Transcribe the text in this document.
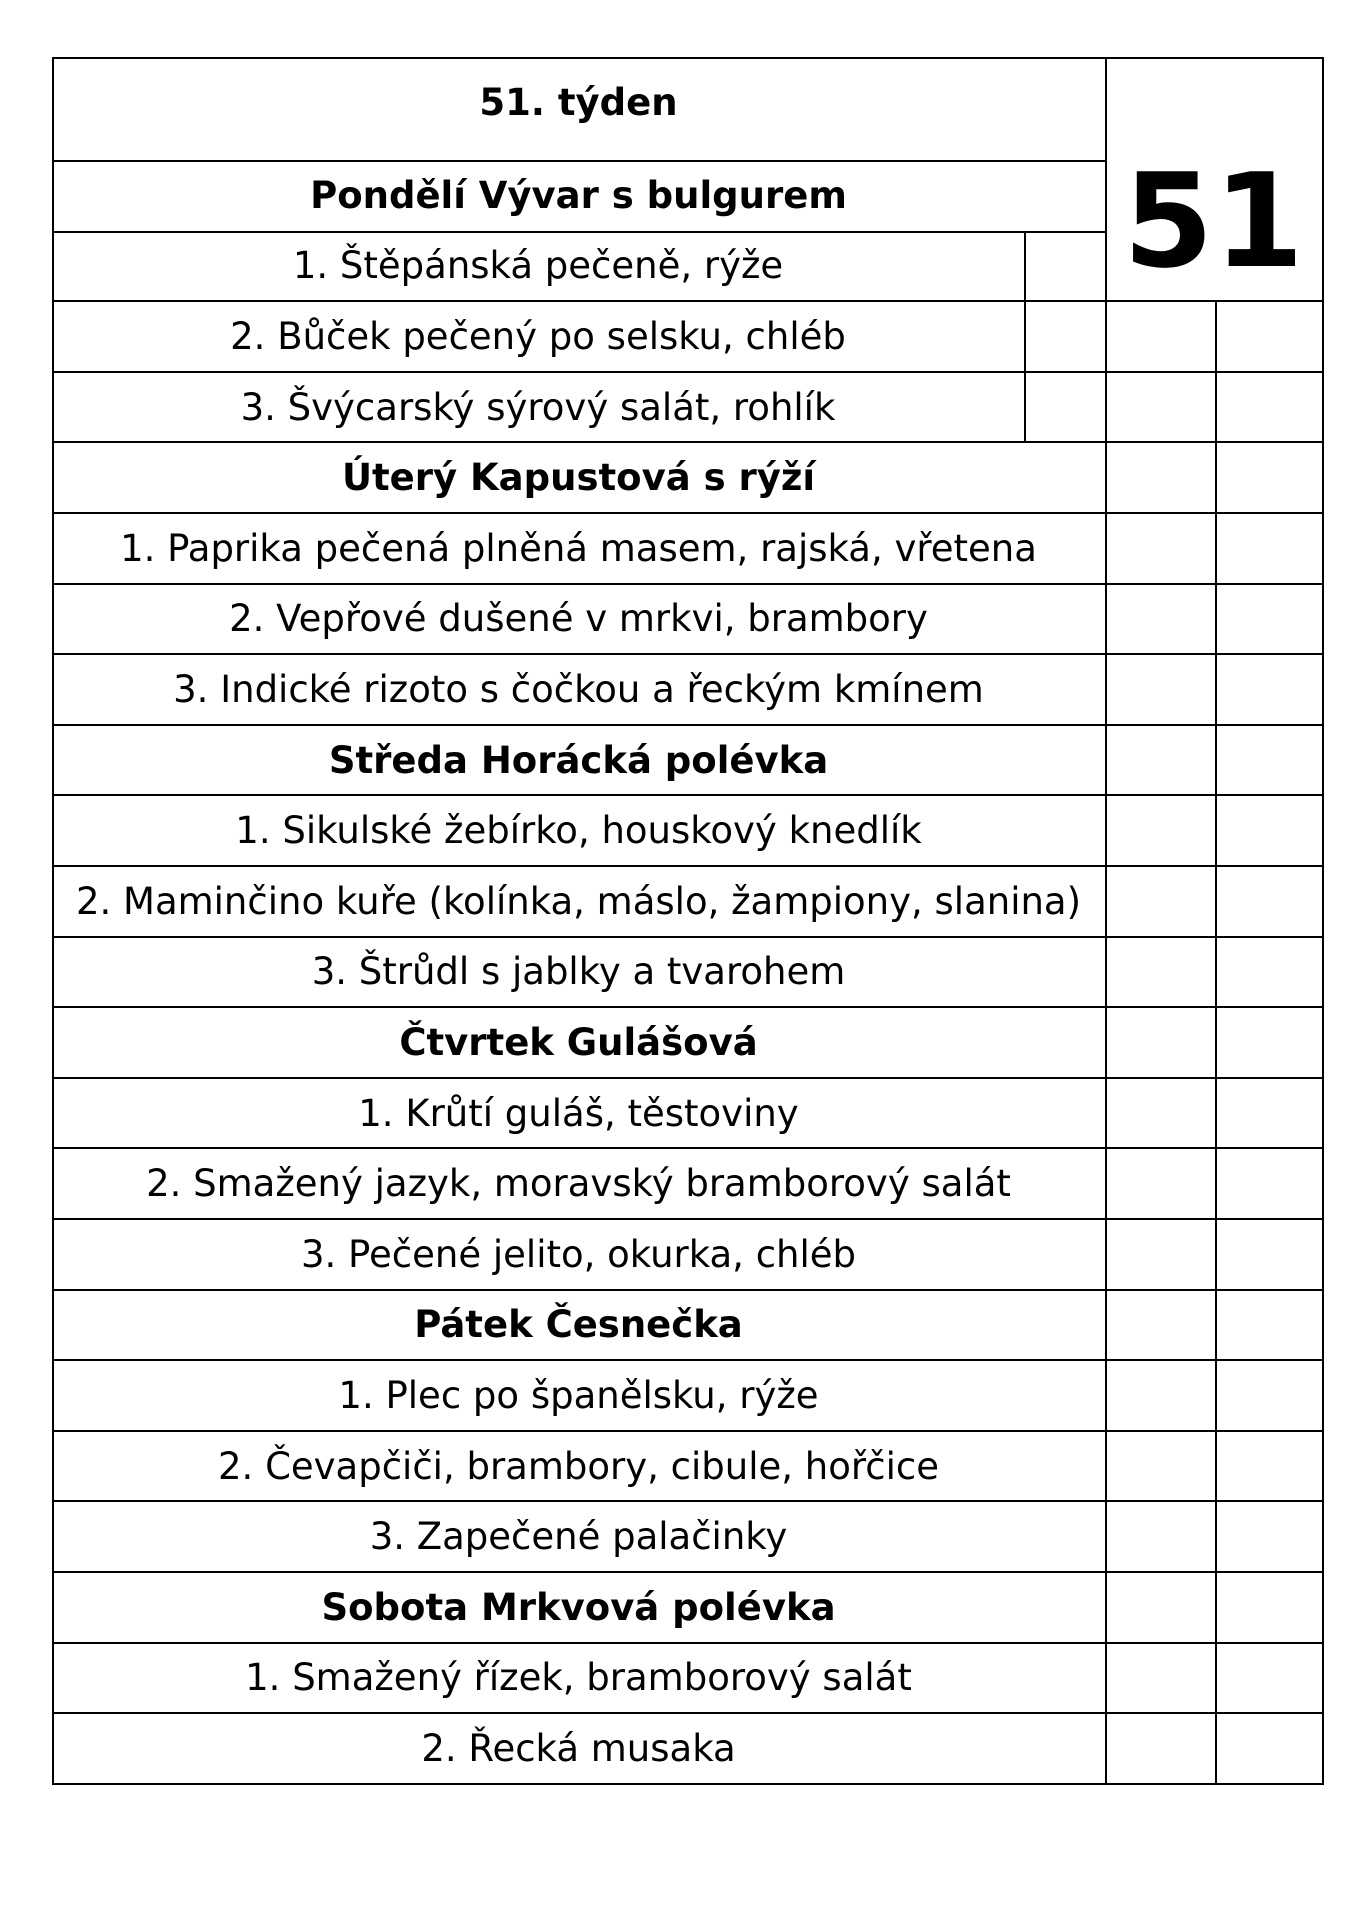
51. týden
51
Pondělí Vývar s bulgurem
1. Štěpánská pečeně, rýže
2. Bůček pečený po selsku, chléb
3. Švýcarský sýrový salát, rohlík
Úterý Kapustová s rýží
1. Paprika pečená plněná masem, rajská, vřetena
2. Vepřové dušené v mrkvi, brambory
3. Indické rizoto s čočkou a řeckým kmínem
Středa Horácká polévka
1. Sikulské žebírko, houskový knedlík
2. Maminčino kuře (kolínka, máslo, žampiony, slanina)
3. Štrůdl s jablky a tvarohem
Čtvrtek Gulášová
1. Krůtí guláš, těstoviny
2. Smažený jazyk, moravský bramborový salát
3. Pečené jelito, okurka, chléb
Pátek Česnečka
1. Plec po španělsku, rýže
2. Čevapčiči, brambory, cibule, hořčice
3. Zapečené palačinky
Sobota Mrkvová polévka
1. Smažený řízek, bramborový salát
2. Řecká musaka
